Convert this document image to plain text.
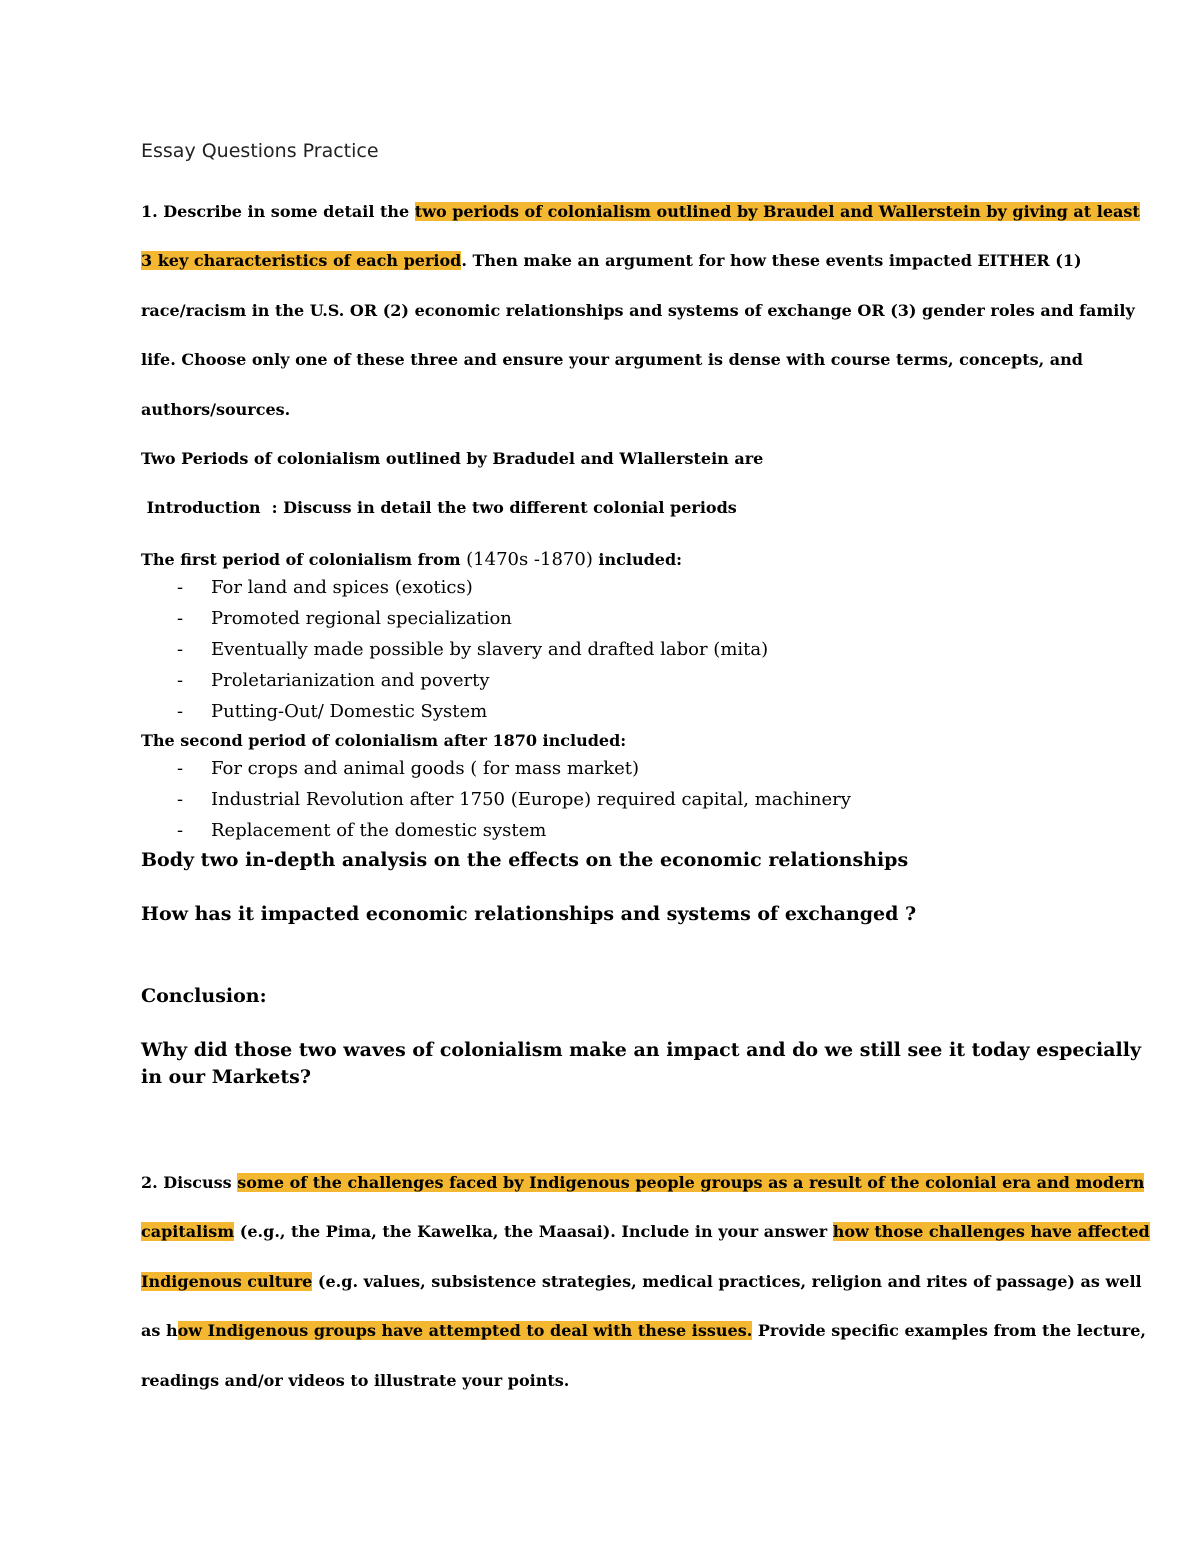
Essay Questions Practice

1. Describe in some detail the two periods of colonialism outlined by Braudel and Wallerstein by giving at least 3 key characteristics of each period. Then make an argument for how these events impacted EITHER (1) race/racism in the U.S. OR (2) economic relationships and systems of exchange OR (3) gender roles and family life. Choose only one of these three and ensure your argument is dense with course terms, concepts, and authors/sources.

Two Periods of colonialism outlined by Bradudel and Wlallerstein are

Introduction  : Discuss in detail the two different colonial periods

The first period of colonialism from (1470s -1870) included:

- For land and spices (exotics)
- Promoted regional specialization
- Eventually made possible by slavery and drafted labor (mita)
- Proletarianization and poverty
- Putting-Out/ Domestic System

The second period of colonialism after 1870 included:

- For crops and animal goods ( for mass market)
- Industrial Revolution after 1750 (Europe) required capital, machinery
- Replacement of the domestic system

Body two in-depth analysis on the effects on the economic relationships

How has it impacted economic relationships and systems of exchanged ?

Conclusion:

Why did those two waves of colonialism make an impact and do we still see it today especially in our Markets?

2. Discuss some of the challenges faced by Indigenous people groups as a result of the colonial era and modern capitalism (e.g., the Pima, the Kawelka, the Maasai). Include in your answer how those challenges have affected Indigenous culture (e.g. values, subsistence strategies, medical practices, religion and rites of passage) as well as how Indigenous groups have attempted to deal with these issues. Provide specific examples from the lecture, readings and/or videos to illustrate your points.
